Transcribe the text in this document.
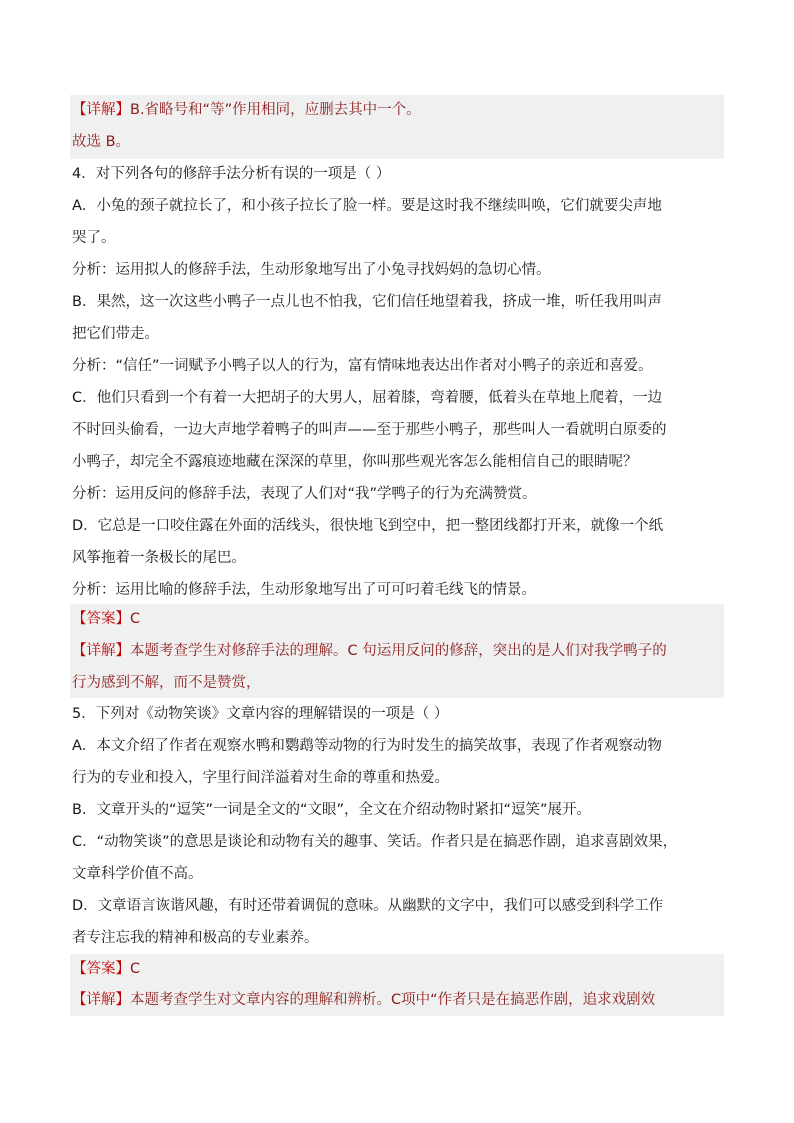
【详解】B.省略号和“等”作用相同，应删去其中一个。
故选 B。
4．对下列各句的修辞手法分析有误的一项是（ ）
A．小兔的颈子就拉长了，和小孩子拉长了脸一样。要是这时我不继续叫唤，它们就要尖声地
哭了。
分析：运用拟人的修辞手法，生动形象地写出了小兔寻找妈妈的急切心情。
B．果然，这一次这些小鸭子一点儿也不怕我，它们信任地望着我，挤成一堆，听任我用叫声
把它们带走。
分析：“信任”一词赋予小鸭子以人的行为，富有情味地表达出作者对小鸭子的亲近和喜爱。
C．他们只看到一个有着一大把胡子的大男人，屈着膝，弯着腰，低着头在草地上爬着，一边
不时回头偷看，一边大声地学着鸭子的叫声——至于那些小鸭子，那些叫人一看就明白原委的
小鸭子，却完全不露痕迹地藏在深深的草里，你叫那些观光客怎么能相信自己的眼睛呢？
分析：运用反问的修辞手法，表现了人们对“我”学鸭子的行为充满赞赏。
D．它总是一口咬住露在外面的活线头，很快地飞到空中，把一整团线都打开来，就像一个纸
风筝拖着一条极长的尾巴。
分析：运用比喻的修辞手法，生动形象地写出了可可叼着毛线飞的情景。
【答案】C
【详解】本题考查学生对修辞手法的理解。C 句运用反问的修辞，突出的是人们对我学鸭子的
行为感到不解，而不是赞赏，
5．下列对《动物笑谈》文章内容的理解错误的一项是（ ）
A．本文介绍了作者在观察水鸭和鹦鹉等动物的行为时发生的搞笑故事，表现了作者观察动物
行为的专业和投入，字里行间洋溢着对生命的尊重和热爱。
B．文章开头的“逗笑”一词是全文的“文眼”，全文在介绍动物时紧扣“逗笑”展开。
C．“动物笑谈”的意思是谈论和动物有关的趣事、笑话。作者只是在搞恶作剧，追求喜剧效果，
文章科学价值不高。
D．文章语言诙谐风趣，有时还带着调侃的意味。从幽默的文字中，我们可以感受到科学工作
者专注忘我的精神和极高的专业素养。
【答案】C
【详解】本题考查学生对文章内容的理解和辨析。C项中“作者只是在搞恶作剧，追求戏剧效
